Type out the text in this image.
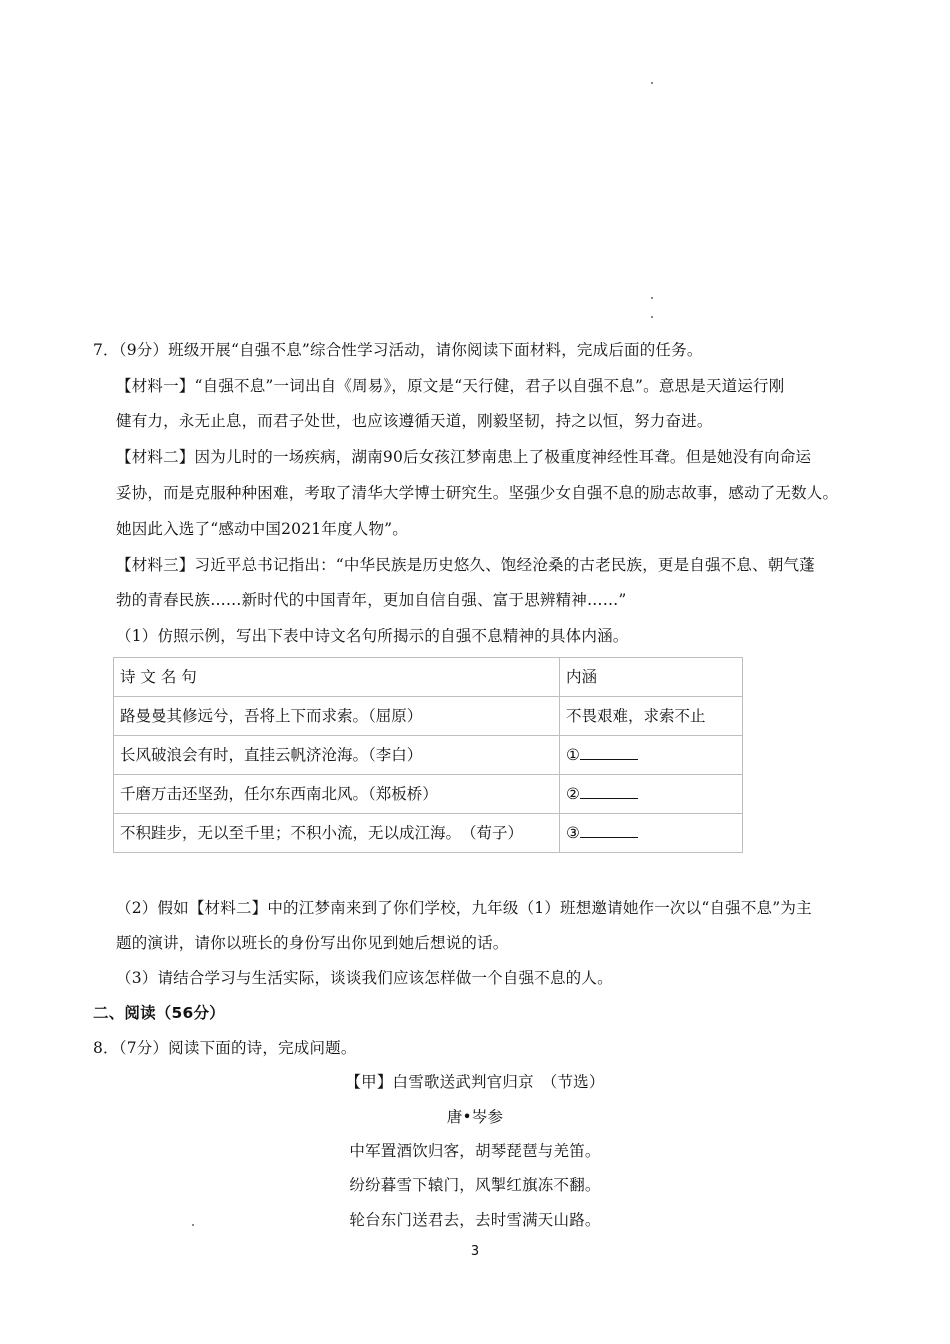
7．（9分）班级开展“自强不息”综合性学习活动，请你阅读下面材料，完成后面的任务。
【材料一】“自强不息”一词出自《周易》，原文是“天行健，君子以自强不息”。意思是天道运行刚
健有力，永无止息，而君子处世，也应该遵循天道，刚毅坚韧，持之以恒，努力奋进。
【材料二】因为儿时的一场疾病，湖南90后女孩江梦南患上了极重度神经性耳聋。但是她没有向命运
妥协，而是克服种种困难，考取了清华大学博士研究生。坚强少女自强不息的励志故事，感动了无数人。
她因此入选了“感动中国2021年度人物”。
【材料三】习近平总书记指出：“中华民族是历史悠久、饱经沧桑的古老民族，更是自强不息、朝气蓬
勃的青春民族……新时代的中国青年，更加自信自强、富于思辨精神……”
（1）仿照示例，写出下表中诗文名句所揭示的自强不息精神的具体内涵。
诗 文 名 句	内涵
路曼曼其修远兮，吾将上下而求索。（屈原）	不畏艰难，求索不止
长风破浪会有时，直挂云帆济沧海。（李白）	①
千磨万击还坚劲，任尔东西南北风。（郑板桥）	②
不积跬步，无以至千里；不积小流，无以成江海。　（荀子）	③
（2）假如【材料二】中的江梦南来到了你们学校，九年级（1）班想邀请她作一次以“自强不息”为主
题的演讲，请你以班长的身份写出你见到她后想说的话。
（3）请结合学习与生活实际，谈谈我们应该怎样做一个自强不息的人。
二、阅读（56分）
8．（7分）阅读下面的诗，完成问题。
【甲】白雪歌送武判官归京　（节选）
唐•岑参
中军置酒饮归客，胡琴琵琶与羌笛。
纷纷暮雪下辕门，风掣红旗冻不翻。
轮台东门送君去，去时雪满天山路。
3
